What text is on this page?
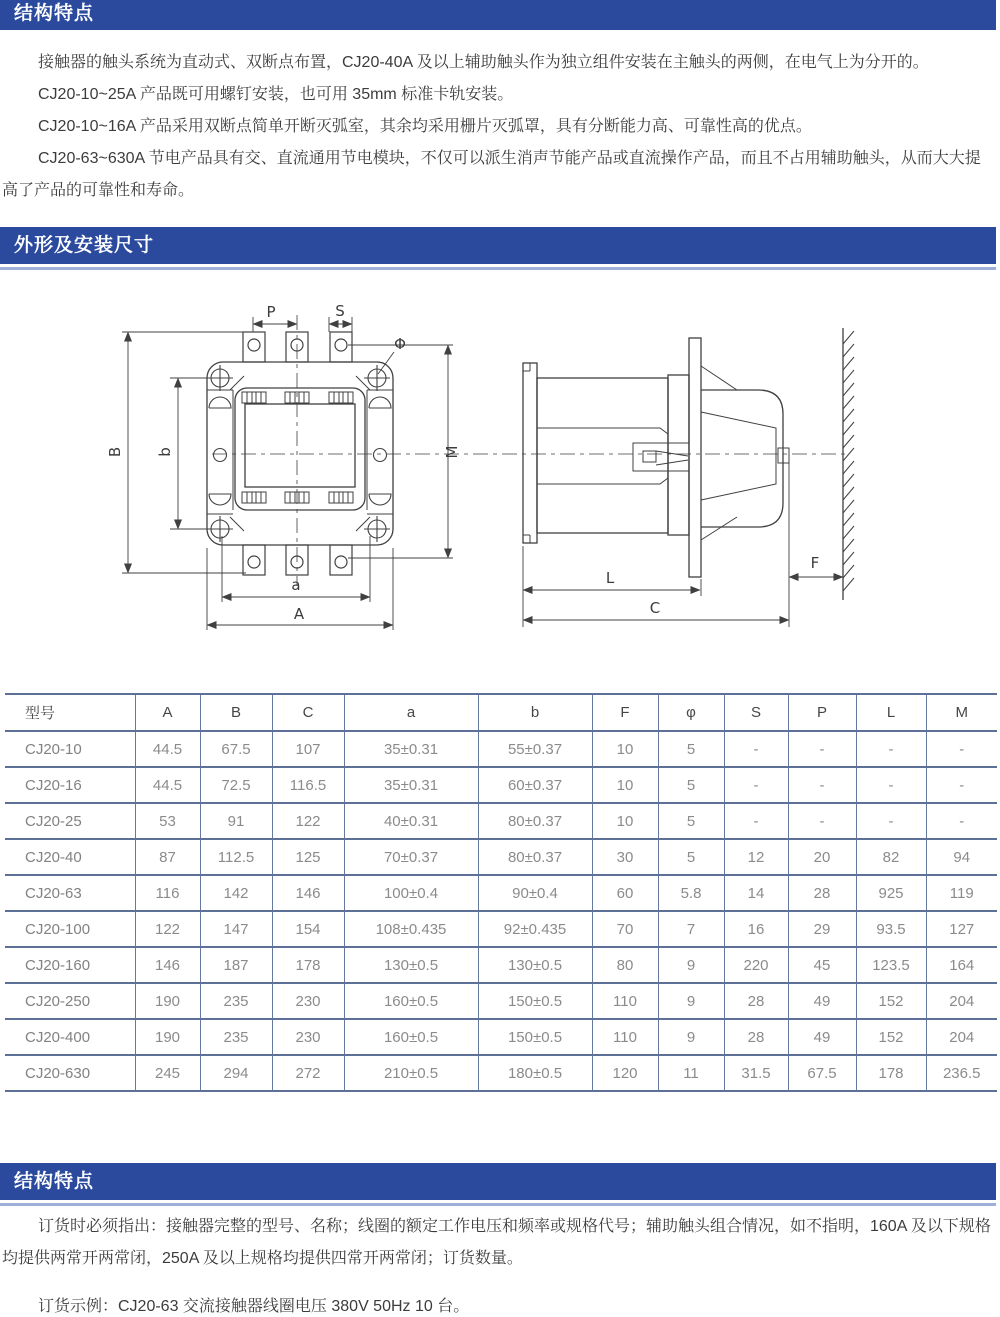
结构特点

接触器的触头系统为直动式、双断点布置，CJ20-40A 及以上辅助触头作为独立组件安装在主触头的两侧，在电气上为分开的。

CJ20-10~25A 产品既可用螺钉安装，也可用 35mm 标准卡轨安装。

CJ20-10~16A 产品采用双断点简单开断灭弧室，其余均采用栅片灭弧罩，具有分断能力高、可靠性高的优点。

CJ20-63~630A 节电产品具有交、直流通用节电模块，不仅可以派生消声节能产品或直流操作产品，而且不占用辅助触头，从而大大提高了产品的可靠性和寿命。

外形及安装尺寸
P	S
Φ
B b	M
a
A
L
C
F
型号	A	B	C	a	b	F	φ	S	P	L	M
CJ20-10	44.5	67.5	107	35±0.31	55±0.37	10	5	-	-	-	-
CJ20-16	44.5	72.5	116.5	35±0.31	60±0.37	10	5	-	-	-	-
CJ20-25	53	91	122	40±0.31	80±0.37	10	5	-	-	-	-
CJ20-40	87	112.5	125	70±0.37	80±0.37	30	5	12	20	82	94
CJ20-63	116	142	146	100±0.4	90±0.4	60	5.8	14	28	925	119
CJ20-100	122	147	154	108±0.435	92±0.435	70	7	16	29	93.5	127
CJ20-160	146	187	178	130±0.5	130±0.5	80	9	220	45	123.5	164
CJ20-250	190	235	230	160±0.5	150±0.5	110	9	28	49	152	204
CJ20-400	190	235	230	160±0.5	150±0.5	110	9	28	49	152	204
CJ20-630	245	294	272	210±0.5	180±0.5	120	11	31.5	67.5	178	236.5
结构特点

订货时必须指出：接触器完整的型号、名称；线圈的额定工作电压和频率或规格代号；辅助触头组合情况，如不指明，160A 及以下规格均提供两常开两常闭，250A 及以上规格均提供四常开两常闭；订货数量。

订货示例：CJ20-63 交流接触器线圈电压 380V 50Hz 10 台。
